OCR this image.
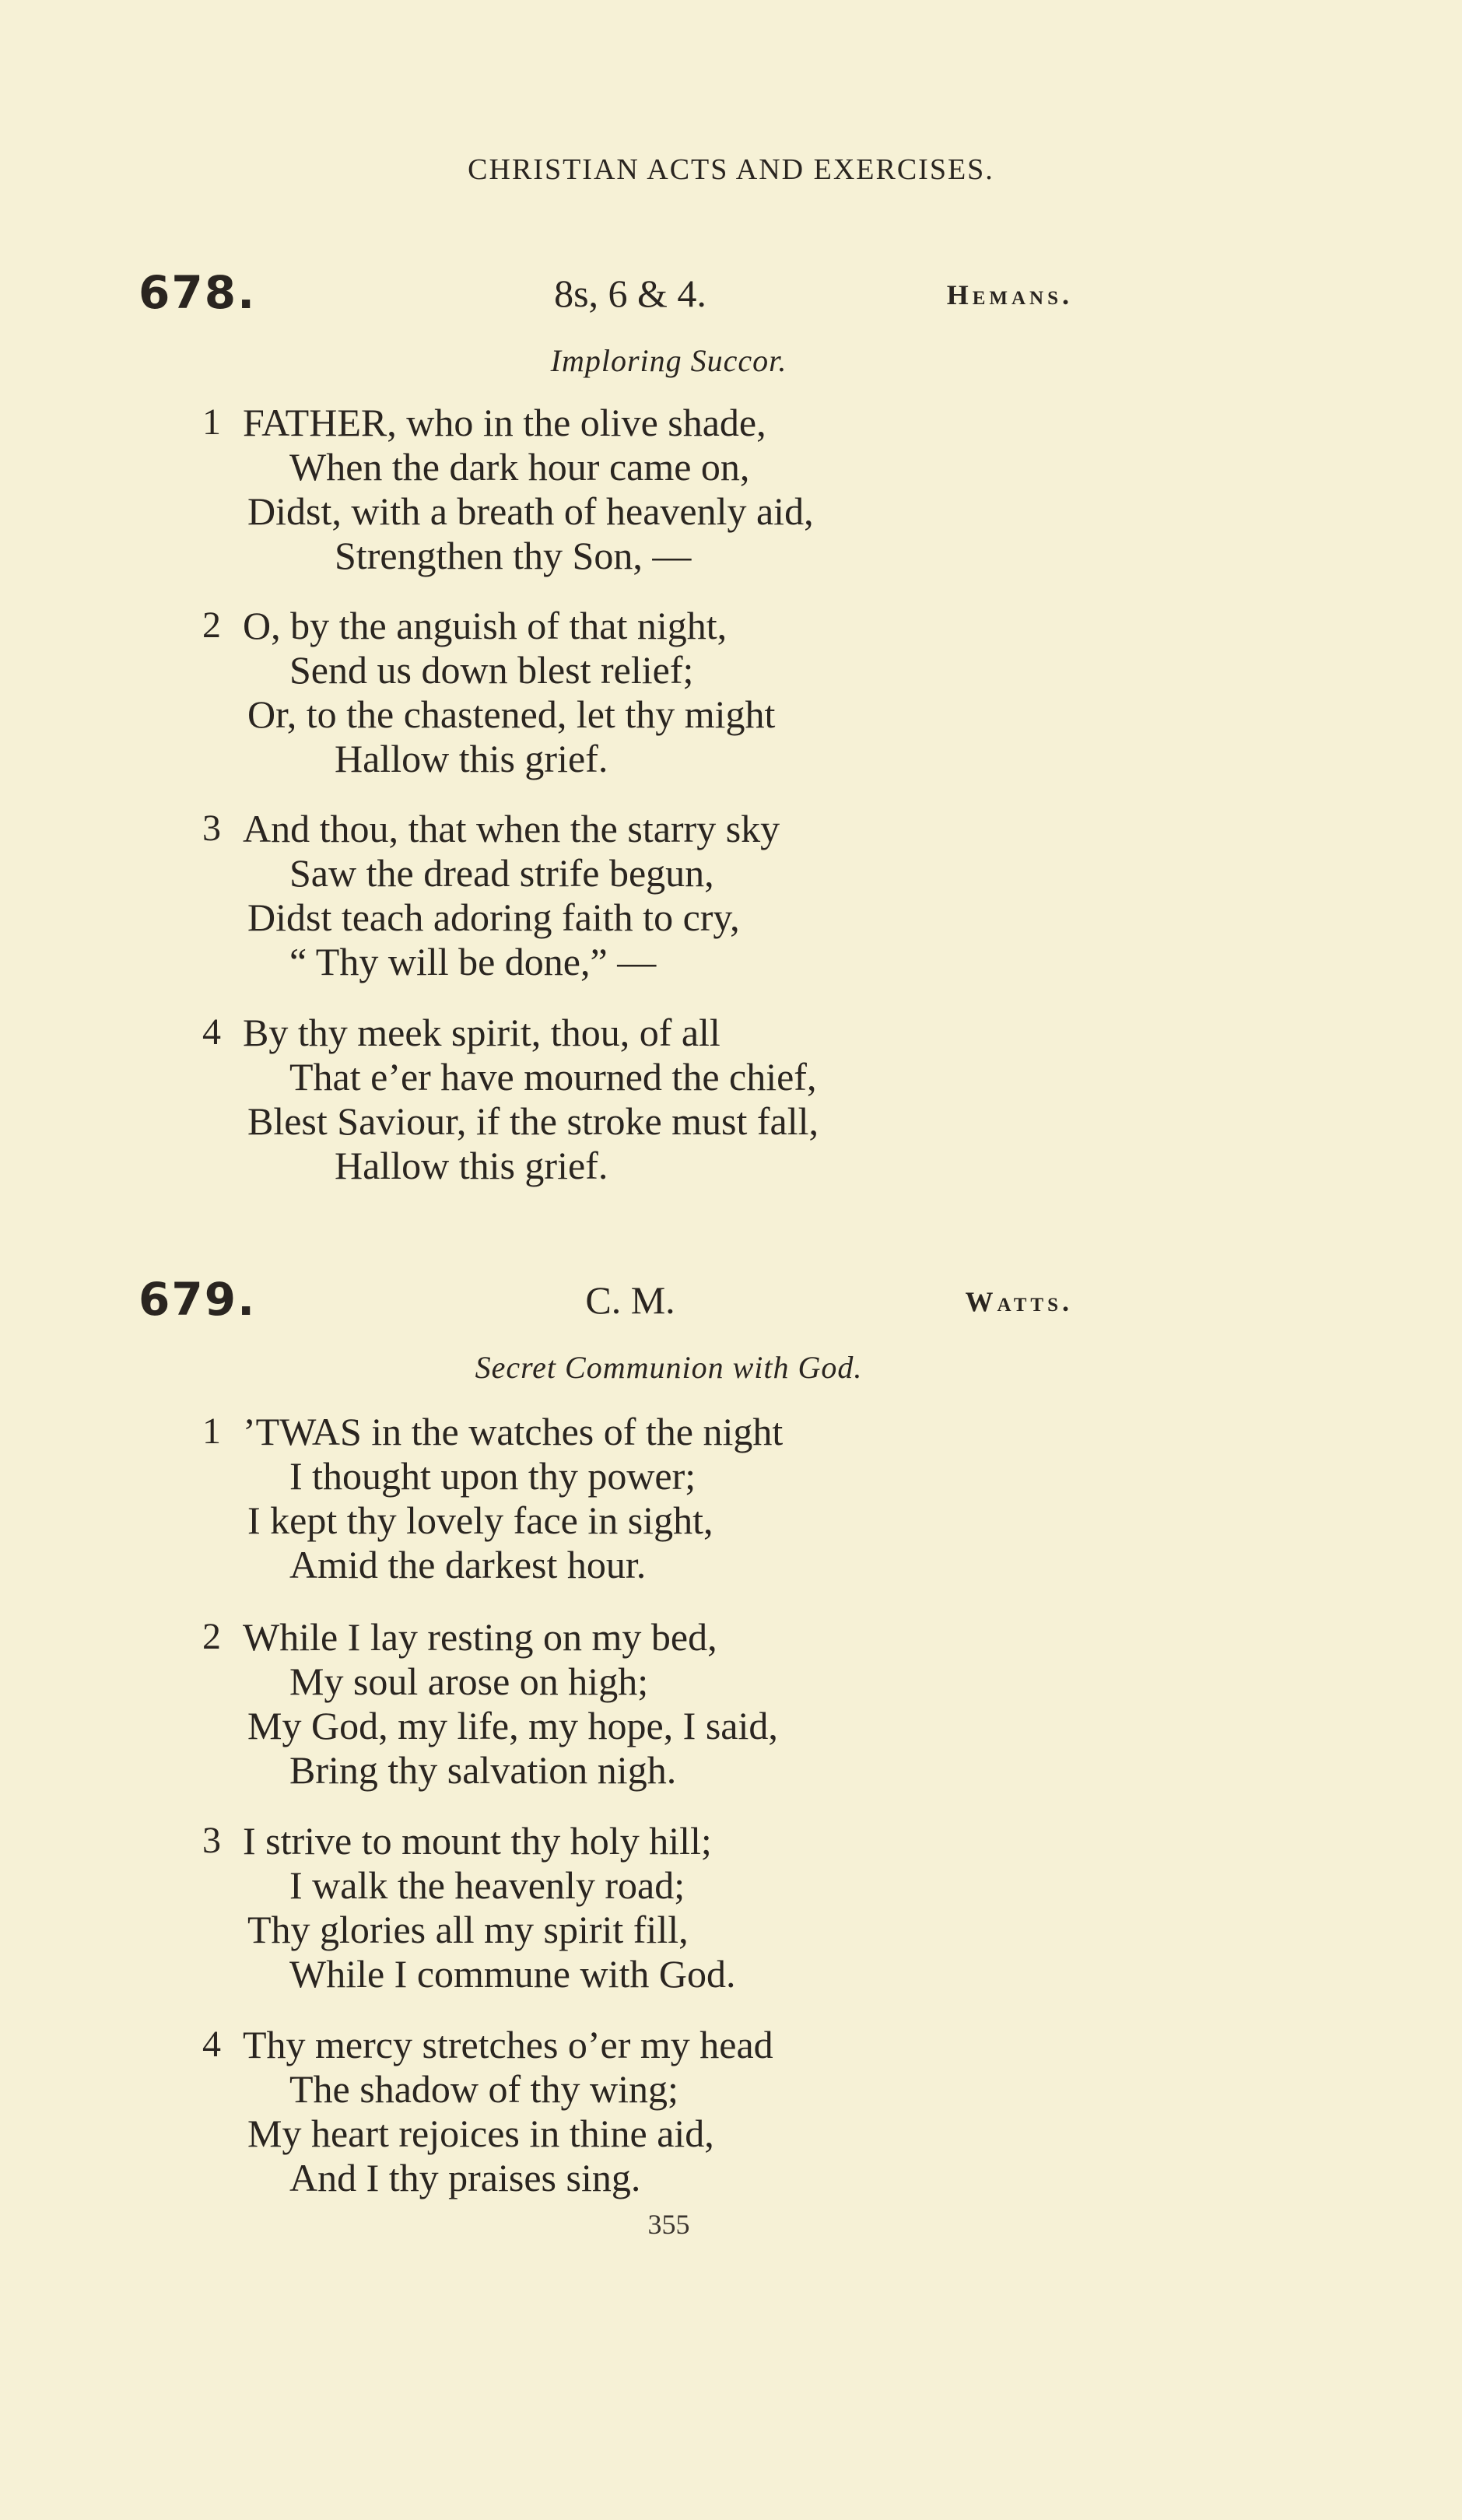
CHRISTIAN ACTS AND EXERCISES.
678.	8s, 6 & 4.	Hemans.
Imploring Succor.
1 FATHER, who in the olive shade,
When the dark hour came on,
Didst, with a breath of heavenly aid,
Strengthen thy Son, —
2 O, by the anguish of that night,
Send us down blest relief;
Or, to the chastened, let thy might
Hallow this grief.
3 And thou, that when the starry sky
Saw the dread strife begun,
Didst teach adoring faith to cry,
“ Thy will be done,” —
4 By thy meek spirit, thou, of all
That e’er have mourned the chief,
Blest Saviour, if the stroke must fall,
Hallow this grief.
679.	C. M.	Watts.
Secret Communion with God.
1 ’TWAS in the watches of the night
I thought upon thy power;
I kept thy lovely face in sight,
Amid the darkest hour.
2 While I lay resting on my bed,
My soul arose on high;
My God, my life, my hope, I said,
Bring thy salvation nigh.
3 I strive to mount thy holy hill;
I walk the heavenly road;
Thy glories all my spirit fill,
While I commune with God.
4 Thy mercy stretches o’er my head
The shadow of thy wing;
My heart rejoices in thine aid,
And I thy praises sing.
355
